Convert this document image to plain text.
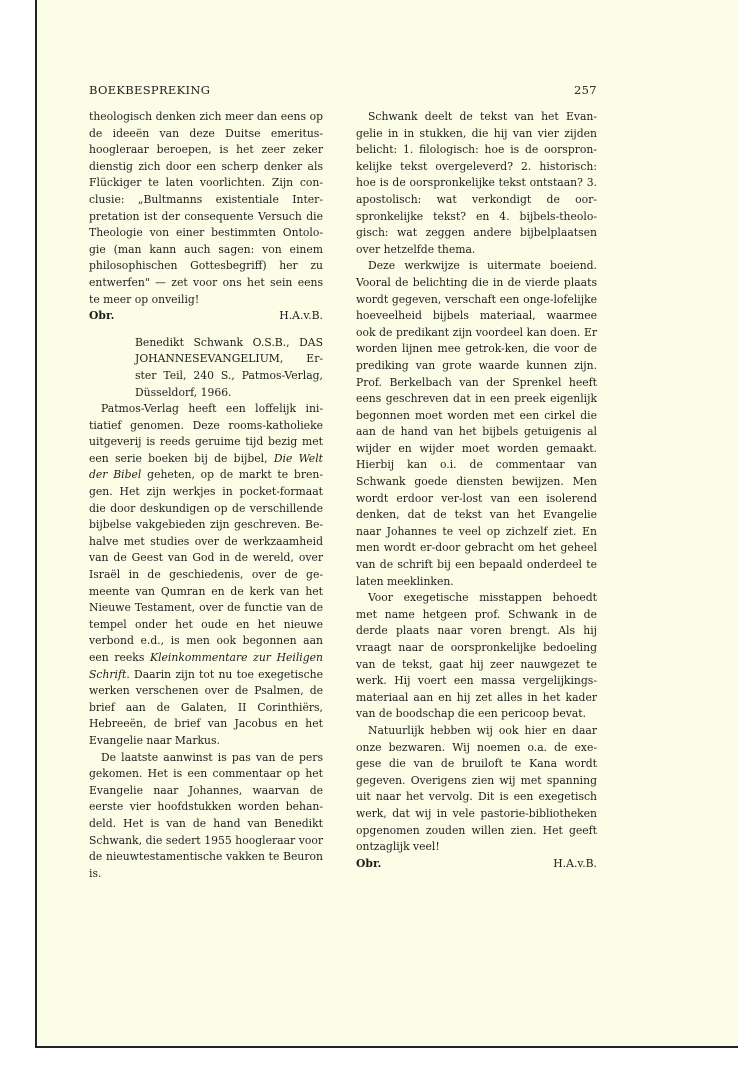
BOEKBESPREKING	257

theologisch denken zich meer dan eens op de ideeën van deze Duitse emeritus-hoogleraar beroepen, is het zeer zeker dienstig zich door een scherp denker als Flückiger te laten voorlichten. Zijn con-clusie: „Bultmanns existentiale Inter-pretation ist der consequente Versuch die Theologie von einer bestimmten Ontolo-gie (man kann auch sagen: von einem philosophischen Gottesbegriff) her zu entwerfen" — zet voor ons het sein eens te meer op onveilig!

Obr.	H.A.v.B.

Benedikt Schwank O.S.B., DAS JOHANNESEVANGELIUM, Er-ster Teil, 240 S., Patmos-Verlag, Düsseldorf, 1966.

Patmos-Verlag heeft een loffelijk ini-tiatief genomen. Deze rooms-katholieke uitgeverij is reeds geruime tijd bezig met een serie boeken bij de bijbel, Die Welt der Bibel geheten, op de markt te bren-gen. Het zijn werkjes in pocket-formaat die door deskundigen op de verschillende bijbelse vakgebieden zijn geschreven. Be-halve met studies over de werkzaamheid van de Geest van God in de wereld, over Israël in de geschiedenis, over de ge-meente van Qumran en de kerk van het Nieuwe Testament, over de functie van de tempel onder het oude en het nieuwe verbond e.d., is men ook begonnen aan een reeks Kleinkommentare zur Heiligen Schrift. Daarin zijn tot nu toe exegetische werken verschenen over de Psalmen, de brief aan de Galaten, II Corinthiërs, Hebreeën, de brief van Jacobus en het Evangelie naar Markus.

De laatste aanwinst is pas van de pers gekomen. Het is een commentaar op het Evangelie naar Johannes, waarvan de eerste vier hoofdstukken worden behan-deld. Het is van de hand van Benedikt Schwank, die sedert 1955 hoogleraar voor de nieuwtestamentische vakken te Beuron is.

Schwank deelt de tekst van het Evan-gelie in in stukken, die hij van vier zijden belicht: 1. filologisch: hoe is de oorspron-kelijke tekst overgeleverd? 2. historisch: hoe is de oorspronkelijke tekst ontstaan? 3. apostolisch: wat verkondigt de oor-spronkelijke tekst? en 4. bijbels-theolo-gisch: wat zeggen andere bijbelplaatsen over hetzelfde thema.

Deze werkwijze is uitermate boeiend. Vooral de belichting die in de vierde plaats wordt gegeven, verschaft een onge-lofelijke hoeveelheid bijbels materiaal, waarmee ook de predikant zijn voordeel kan doen. Er worden lijnen mee getrok-ken, die voor de prediking van grote waarde kunnen zijn. Prof. Berkelbach van der Sprenkel heeft eens geschreven dat in een preek eigenlijk begonnen moet worden met een cirkel die aan de hand van het bijbels getuigenis al wijder en wijder moet worden gemaakt. Hierbij kan o.i. de commentaar van Schwank goede diensten bewijzen. Men wordt erdoor ver-lost van een isolerend denken, dat de tekst van het Evangelie naar Johannes te veel op zichzelf ziet. En men wordt er-door gebracht om het geheel van de schrift bij een bepaald onderdeel te laten meeklinken.

Voor exegetische misstappen behoedt met name hetgeen prof. Schwank in de derde plaats naar voren brengt. Als hij vraagt naar de oorspronkelijke bedoeling van de tekst, gaat hij zeer nauwgezet te werk. Hij voert een massa vergelijkings-materiaal aan en hij zet alles in het kader van de boodschap die een pericoop bevat.

Natuurlijk hebben wij ook hier en daar onze bezwaren. Wij noemen o.a. de exe-gese die van de bruiloft te Kana wordt gegeven. Overigens zien wij met spanning uit naar het vervolg. Dit is een exegetisch werk, dat wij in vele pastorie-bibliotheken opgenomen zouden willen zien. Het geeft ontzaglijk veel!

Obr.	H.A.v.B.
